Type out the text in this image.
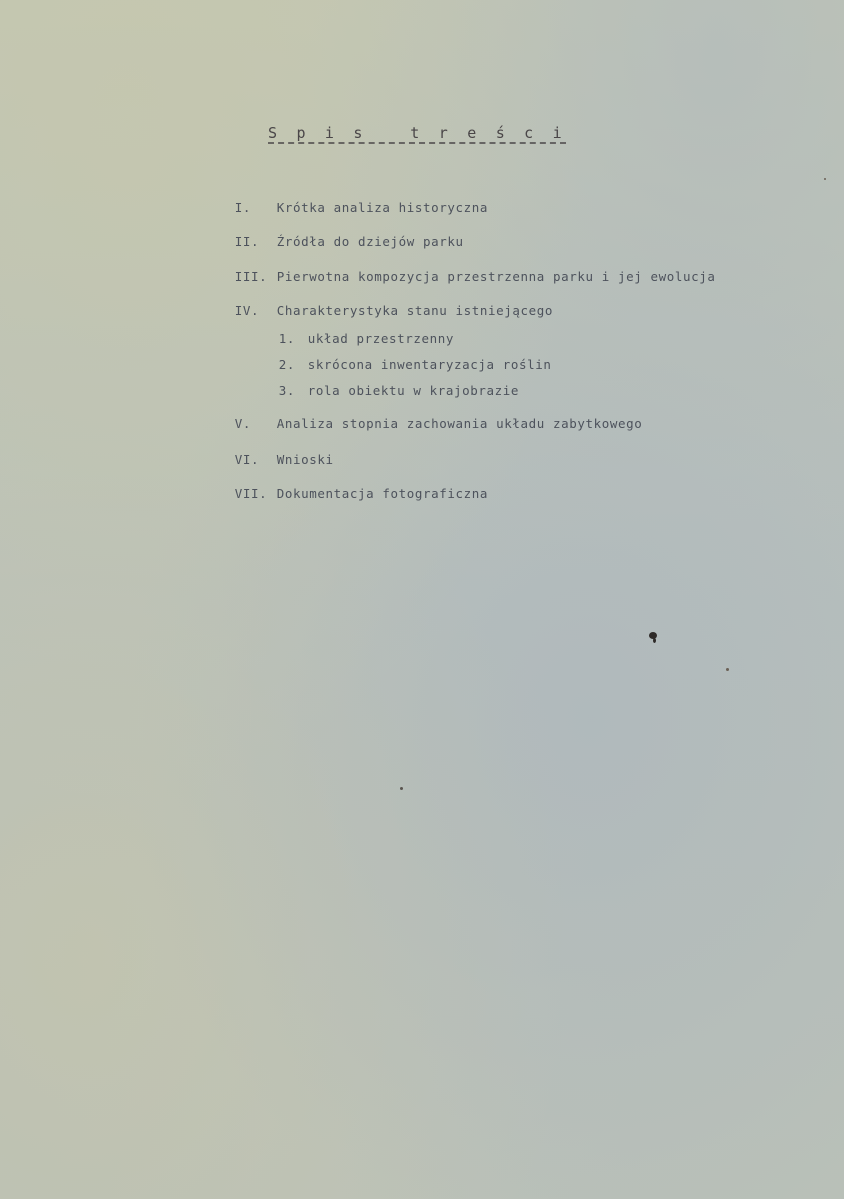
S p i s   t r e ś c i

I. Krótka analiza historyczna

II. Źródła do dziejów parku

III. Pierwotna kompozycja przestrzenna parku i jej ewolucja

IV. Charakterystyka stanu istniejącego

1. układ przestrzenny

2. skrócona inwentaryzacja roślin

3. rola obiektu w krajobrazie

V. Analiza stopnia zachowania układu zabytkowego

VI. Wnioski

VII. Dokumentacja fotograficzna
